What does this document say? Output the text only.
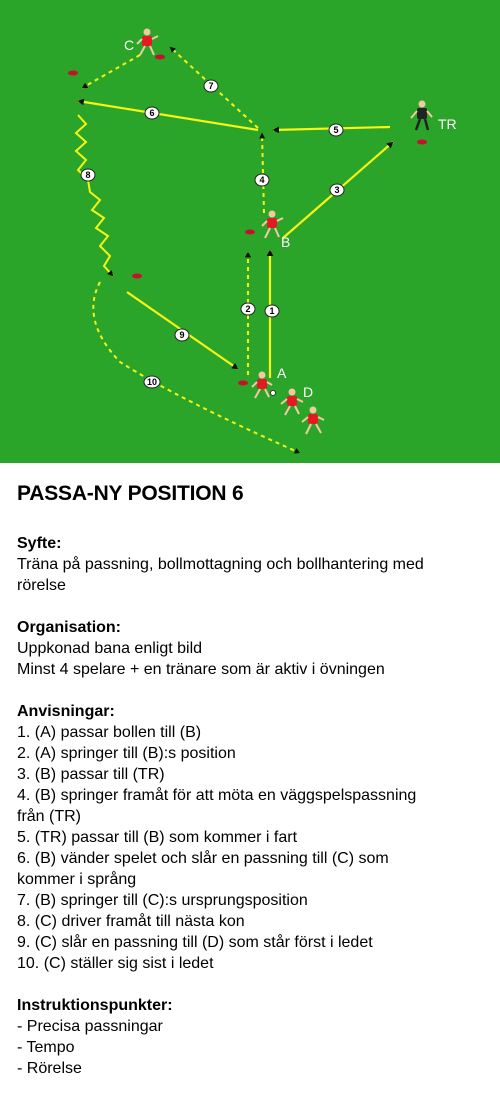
1
2
3
4
5
6
7
8
9
10
C
B
TR
A
D
PASSA-NY POSITION 6
Syfte:
Träna på passning, bollmottagning och bollhantering med
rörelse
Organisation:
Uppkonad bana enligt bild
Minst 4 spelare + en tränare som är aktiv i övningen
Anvisningar:
1. (A) passar bollen till (B)
2. (A) springer till (B):s position
3. (B) passar till (TR)
4. (B) springer framåt för att möta en väggspelspassning
från (TR)
5. (TR) passar till (B) som kommer i fart
6. (B) vänder spelet och slår en passning till (C) som
kommer i språng
7. (B) springer till (C):s ursprungsposition
8. (C) driver framåt till nästa kon
9. (C) slår en passning till (D) som står först i ledet
10. (C) ställer sig sist i ledet
Instruktionspunkter:
- Precisa passningar
- Tempo
- Rörelse
